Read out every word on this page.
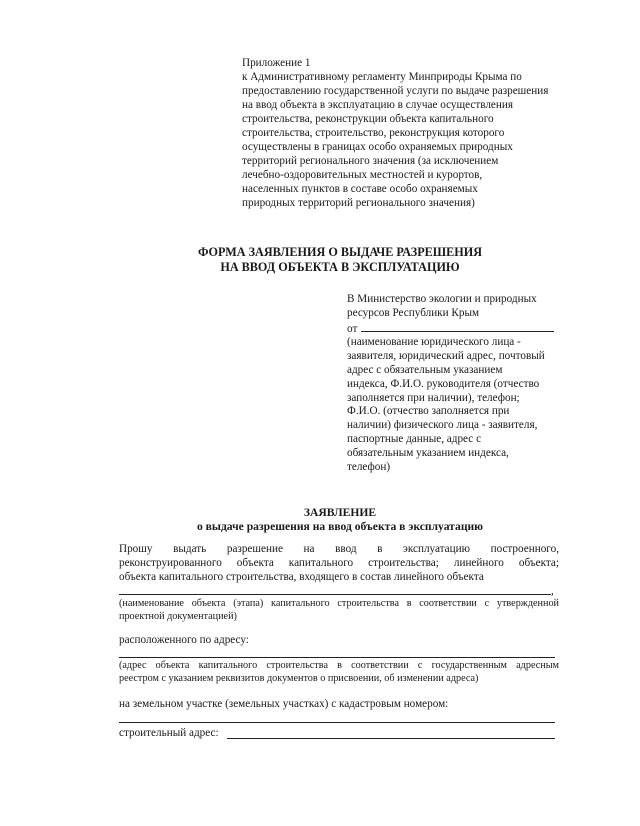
Приложение 1
к Административному регламенту Минприроды Крыма по
предоставлению государственной услуги по выдаче разрешения
на ввод объекта в эксплуатацию в случае осуществления
строительства, реконструкции объекта капитального
строительства, строительство, реконструкция которого
осуществлены в границах особо охраняемых природных
территорий регионального значения (за исключением
лечебно-оздоровительных местностей и курортов,
населенных пунктов в составе особо охраняемых
природных территорий регионального значения)
ФОРМА ЗАЯВЛЕНИЯ О ВЫДАЧЕ РАЗРЕШЕНИЯ
НА ВВОД ОБЪЕКТА В ЭКСПЛУАТАЦИЮ
В Министерство экологии и природных
ресурсов Республики Крым
от
(наименование юридического лица -
заявителя, юридический адрес, почтовый
адрес с обязательным указанием
индекса, Ф.И.О. руководителя (отчество
заполняется при наличии), телефон;
Ф.И.О. (отчество заполняется при
наличии) физического лица - заявителя,
паспортные данные, адрес с
обязательным указанием индекса,
телефон)
ЗАЯВЛЕНИЕ
о выдаче разрешения на ввод объекта в эксплуатацию
Прошу выдать разрешение на ввод в эксплуатацию построенного,
реконструированного объекта капитального строительства; линейного объекта;
объекта капитального строительства, входящего в состав линейного объекта
,
(наименование объекта (этапа) капитального строительства в соответствии с утвержденной
проектной документацией)
расположенного по адресу:
(адрес объекта капитального строительства в соответствии с государственным адресным
реестром с указанием реквизитов документов о присвоении, об изменении адреса)
на земельном участке (земельных участках) с кадастровым номером:
строительный адрес:
